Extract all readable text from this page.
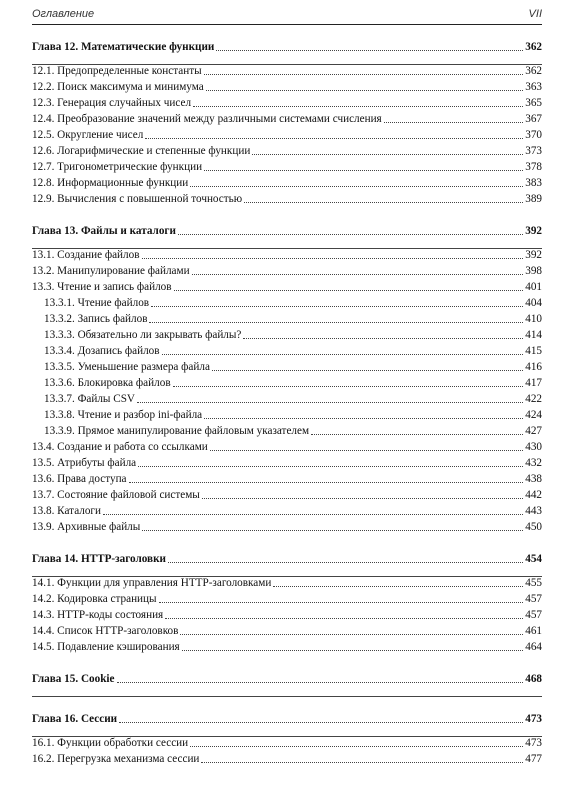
Оглавление	VII
Глава 12. Математические функции	362
12.1. Предопределенные константы	362
12.2. Поиск максимума и минимума	363
12.3. Генерация случайных чисел	365
12.4. Преобразование значений между различными системами счисления	367
12.5. Округление чисел	370
12.6. Логарифмические и степенные функции	373
12.7. Тригонометрические функции	378
12.8. Информационные функции	383
12.9. Вычисления с повышенной точностью	389
Глава 13. Файлы и каталоги	392
13.1. Создание файлов	392
13.2. Манипулирование файлами	398
13.3. Чтение и запись файлов	401
13.3.1. Чтение файлов	404
13.3.2. Запись файлов	410
13.3.3. Обязательно ли закрывать файлы?	414
13.3.4. Дозапись файлов	415
13.3.5. Уменьшение размера файла	416
13.3.6. Блокировка файлов	417
13.3.7. Файлы CSV	422
13.3.8. Чтение и разбор ini-файла	424
13.3.9. Прямое манипулирование файловым указателем	427
13.4. Создание и работа со ссылками	430
13.5. Атрибуты файла	432
13.6. Права доступа	438
13.7. Состояние файловой системы	442
13.8. Каталоги	443
13.9. Архивные файлы	450
Глава 14. HTTP-заголовки	454
14.1. Функции для управления HTTP-заголовками	455
14.2. Кодировка страницы	457
14.3. HTTP-коды состояния	457
14.4. Список HTTP-заголовков	461
14.5. Подавление кэширования	464
Глава 15. Cookie	468
Глава 16. Сессии	473
16.1. Функции обработки сессии	473
16.2. Перегрузка механизма сессии	477
